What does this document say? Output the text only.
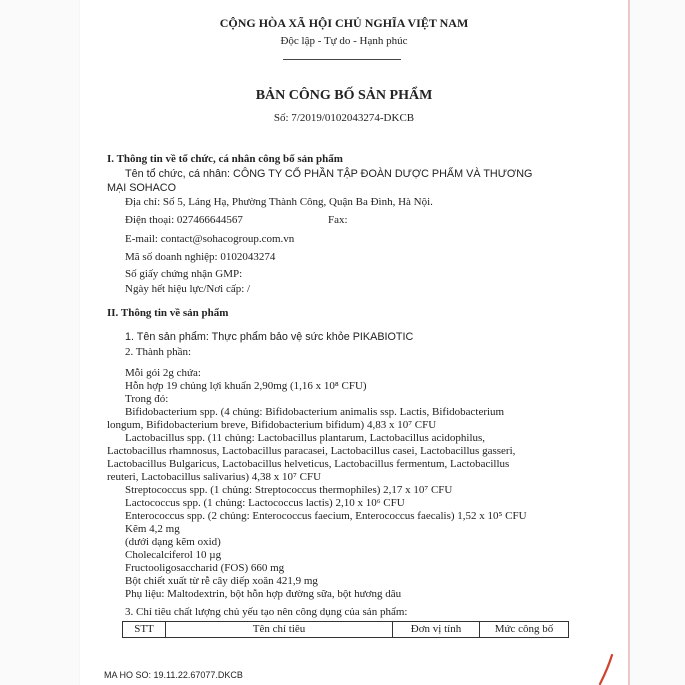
CỘNG HÒA XÃ HỘI CHỦ NGHĨA VIỆT NAM
Độc lập - Tự do - Hạnh phúc
BẢN CÔNG BỐ SẢN PHẨM
Số: 7/2019/0102043274-DKCB
I. Thông tin về tổ chức, cá nhân công bố sản phẩm
Tên tổ chức, cá nhân: CÔNG TY CỔ PHẦN TẬP ĐOÀN DƯỢC PHẨM VÀ THƯƠNG
MẠI SOHACO
Địa chỉ: Số 5, Láng Hạ, Phường Thành Công, Quận Ba Đình, Hà Nội.
Điện thoại: 027466644567	Fax:
E-mail: contact@sohacogroup.com.vn
Mã số doanh nghiệp: 0102043274
Số giấy chứng nhận GMP:
Ngày hết hiệu lực/Nơi cấp: /
II. Thông tin về sản phẩm
1. Tên sản phẩm: Thực phẩm bảo vệ sức khỏe PIKABIOTIC
2. Thành phần:
Mỗi gói 2g chứa:
Hỗn hợp 19 chủng lợi khuẩn 2,90mg (1,16 x 10⁸ CFU)
Trong đó:
Bifidobacterium spp. (4 chủng: Bifidobacterium animalis ssp. Lactis, Bifidobacterium
longum, Bifidobacterium breve, Bifidobacterium bifidum) 4,83 x 10⁷ CFU
Lactobacillus spp. (11 chủng: Lactobacillus plantarum, Lactobacillus acidophilus,
Lactobacillus rhamnosus, Lactobacillus paracasei, Lactobacillus casei, Lactobacillus gasseri,
Lactobacillus Bulgaricus, Lactobacillus helveticus, Lactobacillus fermentum, Lactobacillus
reuteri, Lactobacillus salivarius) 4,38 x 10⁷ CFU
Streptococcus spp. (1 chủng: Streptococcus thermophiles) 2,17 x 10⁷ CFU
Lactococcus spp. (1 chủng: Lactococcus lactis) 2,10 x 10⁶ CFU
Enterococcus spp. (2 chủng: Enterococcus faecium, Enterococcus faecalis) 1,52 x 10⁵ CFU
Kẽm 4,2 mg
(dưới dạng kẽm oxid)
Cholecalciferol 10 µg
Fructooligosaccharid (FOS) 660 mg
Bột chiết xuất từ rễ cây diếp xoăn 421,9 mg
Phụ liệu: Maltodextrin, bột hỗn hợp đường sữa, bột hương dâu
3. Chỉ tiêu chất lượng chủ yếu tạo nên công dụng của sản phẩm:
STT	Tên chỉ tiêu	Đơn vị tính	Mức công bố
MA HO SO: 19.11.22.67077.DKCB
